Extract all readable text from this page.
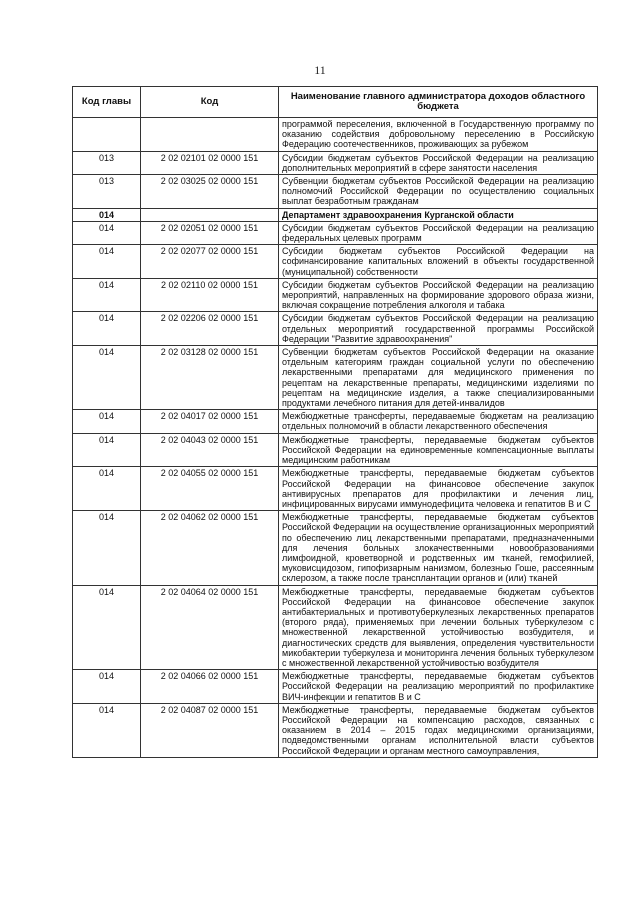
11
Код главы	Код	Наименование главного администратора доходов областного бюджета
		программой переселения, включенной в Государственную программу по оказанию содействия добровольному переселению в Российскую Федерацию соотечественников, проживающих за рубежом
013	2 02 02101 02 0000 151	Субсидии бюджетам субъектов Российской Федерации на реализацию дополнительных мероприятий в сфере занятости населения
013	2 02 03025 02 0000 151	Субвенции бюджетам субъектов Российской Федерации на реализацию полномочий Российской Федерации по осуществлению социальных выплат безработным гражданам
014		Департамент здравоохранения Курганской области
014	2 02 02051 02 0000 151	Субсидии бюджетам субъектов Российской Федерации на реализацию федеральных целевых программ
014	2 02 02077 02 0000 151	Субсидии бюджетам субъектов Российской Федерации на софинансирование капитальных вложений в объекты государственной (муниципальной) собственности
014	2 02 02110 02 0000 151	Субсидии бюджетам субъектов Российской Федерации на реализацию мероприятий, направленных на формирование здорового образа жизни, включая сокращение потребления алкоголя и табака
014	2 02 02206 02 0000 151	Субсидии бюджетам субъектов Российской Федерации на реализацию отдельных мероприятий государственной программы Российской Федерации "Развитие здравоохранения"
014	2 02 03128 02 0000 151	Субвенции бюджетам субъектов Российской Федерации на оказание отдельным категориям граждан социальной услуги по обеспечению лекарственными препаратами для медицинского применения по рецептам на лекарственные препараты, медицинскими изделиями по рецептам на медицинские изделия, а также специализированными продуктами лечебного питания для детей-инвалидов
014	2 02 04017 02 0000 151	Межбюджетные трансферты, передаваемые бюджетам на реализацию отдельных полномочий в области лекарственного обеспечения
014	2 02 04043 02 0000 151	Межбюджетные трансферты, передаваемые бюджетам субъектов Российской Федерации на единовременные компенсационные выплаты медицинским работникам
014	2 02 04055 02 0000 151	Межбюджетные трансферты, передаваемые бюджетам субъектов Российской Федерации на финансовое обеспечение закупок антивирусных препаратов для профилактики и лечения лиц, инфицированных вирусами иммунодефицита человека и гепатитов В и С
014	2 02 04062 02 0000 151	Межбюджетные трансферты, передаваемые бюджетам субъектов Российской Федерации на осуществление организационных мероприятий по обеспечению лиц лекарственными препаратами, предназначенными для лечения больных злокачественными новообразованиями лимфоидной, кроветворной и родственных им тканей, гемофилией, муковисцидозом, гипофизарным нанизмом, болезнью Гоше, рассеянным склерозом, а также после трансплантации органов и (или) тканей
014	2 02 04064 02 0000 151	Межбюджетные трансферты, передаваемые бюджетам субъектов Российской Федерации на финансовое обеспечение закупок антибактериальных и противотуберкулезных лекарственных препаратов (второго ряда), применяемых при лечении больных туберкулезом с множественной лекарственной устойчивостью возбудителя, и диагностических средств для выявления, определения чувствительности микобактерии туберкулеза и мониторинга лечения больных туберкулезом с множественной лекарственной устойчивостью возбудителя
014	2 02 04066 02 0000 151	Межбюджетные трансферты, передаваемые бюджетам субъектов Российской Федерации на реализацию мероприятий по профилактике ВИЧ-инфекции и гепатитов В и С
014	2 02 04087 02 0000 151	Межбюджетные трансферты, передаваемые бюджетам субъектов Российской Федерации на компенсацию расходов, связанных с оказанием в 2014 – 2015 годах медицинскими организациями, подведомственными органам исполнительной власти субъектов Российской Федерации и органам местного самоуправления,
